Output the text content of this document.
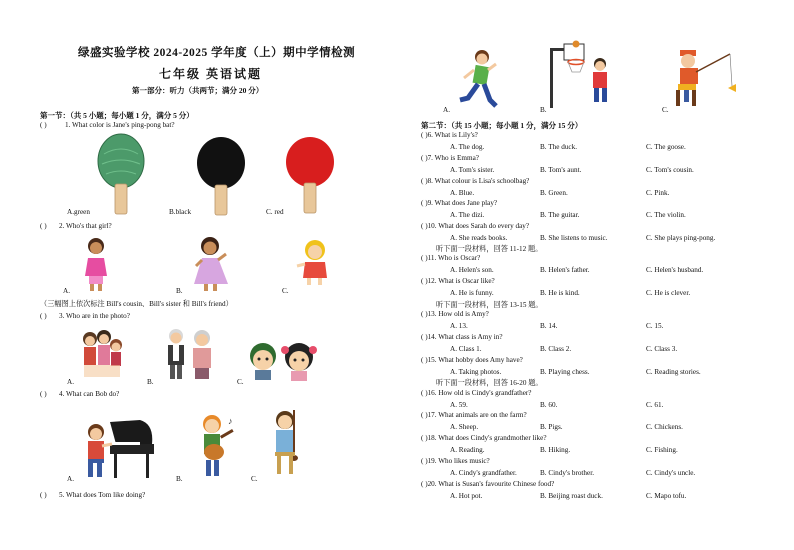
绿盛实验学校 2024-2025 学年度（上）期中学情检测
七年级 英语试题
第一部分：听力（共两节；满分 20 分）
第一节：（共 5 小题；每小题 1 分，满分 5 分）
( )	1. What color is Jane's ping-pong bat?
A.green	B.black	C. red
( ) 2. Who's that girl?
A.	B.	C.
（三幅图上依次标注 Bill's cousin、Bill's sister 和 Bill's friend）
( ) 3. Who are in the photo?
A.	B.	C.
( ) 4. What can Bob do?
♪
A.	B.	C.
( ) 5. What does Tom like doing?
A.	B.	C.
第二节：（共 15 小题；每小题 1 分，满分 15 分）
( )6. What is Lily's?
A. The dog.	B. The duck.	C. The goose.
( )7. Who is Emma?
A. Tom's sister.	B. Tom's aunt.	C. Tom's cousin.
( )8. What colour is Lisa's schoolbag?
A. Blue.	B. Green.	C. Pink.
( )9. What does Jane play?
A. The dizi.	B. The guitar.	C. The violin.
( )10. What does Sarah do every day?
A. She reads books.	B. She listens to music.	C. She plays ping-pong.
( )11. Who is Oscar?
A. Helen's son.	B. Helen's father.	C. Helen's husband.
( )12. What is Oscar like?
A. He is funny.	B. He is kind.	C. He is clever.
( )13. How old is Amy?
A. 13.	B. 14.	C. 15.
( )14. What class is Amy in?
A. Class 1.	B. Class 2.	C. Class 3.
( )15. What hobby does Amy have?
A. Taking photos.	B. Playing chess.	C. Reading stories.
( )16. How old is Cindy's grandfather?
A. 59.	B. 60.	C. 61.
( )17. What animals are on the farm?
A. Sheep.	B. Pigs.	C. Chickens.
( )18. What does Cindy's grandmother like?
A. Reading.	B. Hiking.	C. Fishing.
( )19. Who likes music?
A. Cindy's grandfather.	B. Cindy's brother.	C. Cindy's uncle.
( )20. What is Susan's favourite Chinese food?
A. Hot pot.	B. Beijing roast duck.	C. Mapo tofu.
听下面一段材料，回答 11-12 题。
听下面一段材料，回答 13-15 题。
听下面一段材料，回答 16-20 题。
